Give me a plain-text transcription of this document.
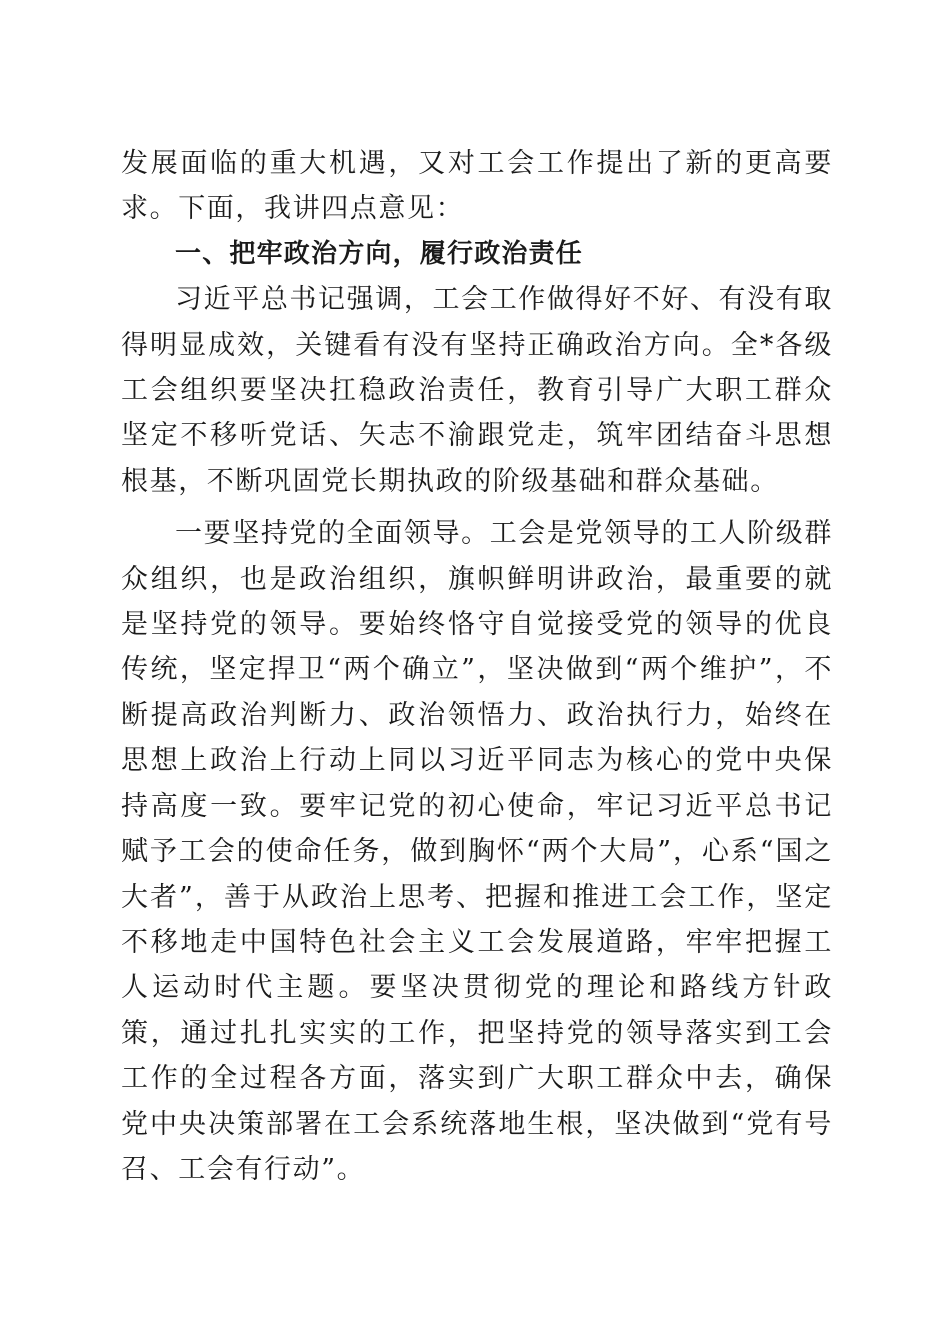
发展面临的重大机遇，又对工会工作提出了新的更高要求。下面，我讲四点意见：

一、把牢政治方向，履行政治责任

习近平总书记强调，工会工作做得好不好、有没有取得明显成效，关键看有没有坚持正确政治方向。全*各级工会组织要坚决扛稳政治责任，教育引导广大职工群众坚定不移听党话、矢志不渝跟党走，筑牢团结奋斗思想根基，不断巩固党长期执政的阶级基础和群众基础。

一要坚持党的全面领导。工会是党领导的工人阶级群众组织，也是政治组织，旗帜鲜明讲政治，最重要的就是坚持党的领导。要始终恪守自觉接受党的领导的优良传统，坚定捍卫“两个确立”，坚决做到“两个维护”，不断提高政治判断力、政治领悟力、政治执行力，始终在思想上政治上行动上同以习近平同志为核心的党中央保持高度一致。要牢记党的初心使命，牢记习近平总书记赋予工会的使命任务，做到胸怀“两个大局”，心系“国之大者”，善于从政治上思考、把握和推进工会工作，坚定不移地走中国特色社会主义工会发展道路，牢牢把握工人运动时代主题。要坚决贯彻党的理论和路线方针政策，通过扎扎实实的工作，把坚持党的领导落实到工会工作的全过程各方面，落实到广大职工群众中去，确保党中央决策部署在工会系统落地生根，坚决做到“党有号召、工会有行动”。
